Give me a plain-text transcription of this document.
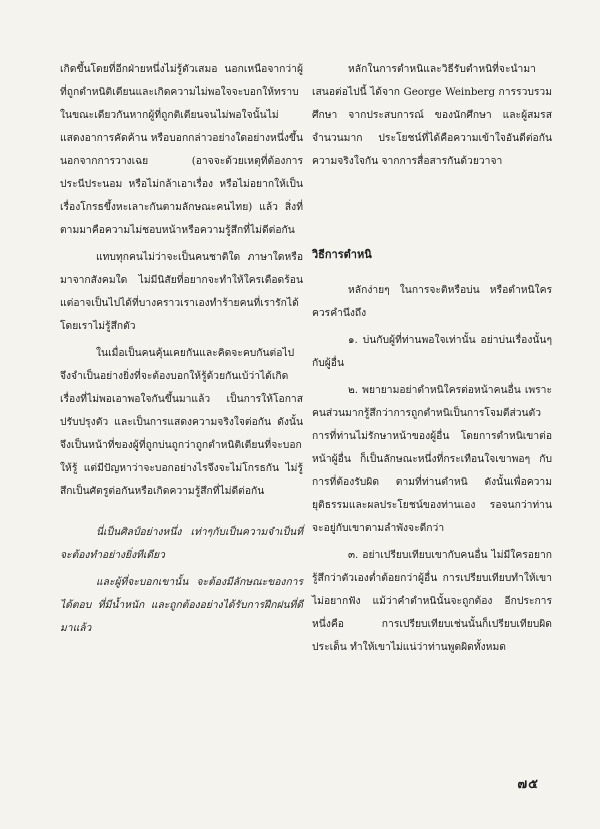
เกิดขึ้นโดยที่อีกฝ่ายหนึ่งไม่รู้ตัวเสมอ นอกเหนือจากว่าผู้ที่ถูกตำหนิติเตียนและเกิดความไม่พอใจจะบอกให้ทราบ ในขณะเดียวกันหากผู้ที่ถูกติเตียนจนไม่พอใจนั้นไม่แสดงอาการคัดค้าน หรือบอกกล่าวอย่างใดอย่างหนึ่งขึ้น นอกจากการวางเฉย (อาจจะด้วยเหตุที่ต้องการประนีประนอม หรือไม่กล้าเอาเรื่อง หรือไม่อยากให้เป็นเรื่องโกรธขึ้งหะเลาะกันตามลักษณะคนไทย) แล้ว สิ่งที่ตามมาคือความไม่ชอบหน้าหรือความรู้สึกที่ไม่ดีต่อกัน

แทบทุกคนไม่ว่าจะเป็นคนชาติใด ภาษาใดหรือมาจากสังคมใด ไม่มีนิสัยที่อยากจะทำให้ใครเดือดร้อน แต่อาจเป็นไปได้ที่บางคราวเราเองทำร้ายคนที่เรารักได้โดยเราไม่รู้สึกตัว

ในเมื่อเป็นคนคุ้นเคยกันและคิดจะคบกันต่อไป จึงจำเป็นอย่างยิ่งที่จะต้องบอกให้รู้ด้วยกันเบ้ว่าได้เกิดเรื่องที่ไม่พอเอาพอใจกันขึ้นมาแล้ว เป็นการให้โอกาสปรับปรุงตัว และเป็นการแสดงความจริงใจต่อกัน ดังนั้นจึงเป็นหน้าที่ของผู้ที่ถูกบ่นถูกว่าถูกตำหนิติเตียนที่จะบอกให้รู้ แต่มีปัญหาว่าจะบอกอย่างไรจึงจะไม่โกรธกัน ไม่รู้สึกเป็นศัตรูต่อกันหรือเกิดความรู้สึกที่ไม่ดีต่อกัน

นี่เป็นศิลป์อย่างหนึ่ง เท่าๆกับเป็นความจำเป็นที่จะต้องทำอย่างยิ่งทีเดียว

และผู้ที่จะบอกเขานั้น จะต้องมีลักษณะของการได้ตอบ ที่มีน้ำหนัก และถูกต้องอย่างได้รับการฝึกฝนที่ดีมาแล้ว

หลักในการตำหนิและวิธีรับตำหนิที่จะนำมาเสนอต่อไปนี้ ได้จาก George Weinberg การรวบรวมศึกษา จากประสบการณ์ ของนักศึกษา และผู้สมรสจำนวนมาก ประโยชน์ที่ได้คือความเข้าใจอันดีต่อกัน ความจริงใจกัน จากการสื่อสารกันด้วยวาจา

วิธีการตำหนิ

หลักง่ายๆ ในการจะติหรือบ่น หรือตำหนิใครควรคำนึงถึง

๑. บ่นกับผู้ที่ท่านพอใจเท่านั้น อย่าบ่นเรื่องนั้นๆ กับผู้อื่น

๒. พยายามอย่าตำหนิใครต่อหน้าคนอื่น เพราะคนส่วนมากรู้สึกว่าการถูกตำหนิเป็นการโจมตีส่วนตัว การที่ท่านไม่รักษาหน้าของผู้อื่น โดยการตำหนิเขาต่อหน้าผู้อื่น ก็เป็นลักษณะหนึ่งที่กระเทือนใจเขาพอๆ กับการที่ต้องรับผิด ตามที่ท่านตำหนิ ดังนั้นเพื่อความยุติธรรมและผลประโยชน์ของท่านเอง รอจนกว่าท่านจะอยู่กับเขาตามลำพังจะดีกว่า

๓. อย่าเปรียบเทียบเขากับคนอื่น ไม่มีใครอยากรู้สึกว่าตัวเองต่ำต้อยกว่าผู้อื่น การเปรียบเทียบทำให้เขาไม่อยากฟัง แม้ว่าคำตำหนินั้นจะถูกต้อง อีกประการหนึ่งคือ การเปรียบเทียบเช่นนั้นก็เปรียบเทียบผิดประเด็น ทำให้เขาไม่แน่ว่าท่านพูดผิดทั้งหมด

๗๕
